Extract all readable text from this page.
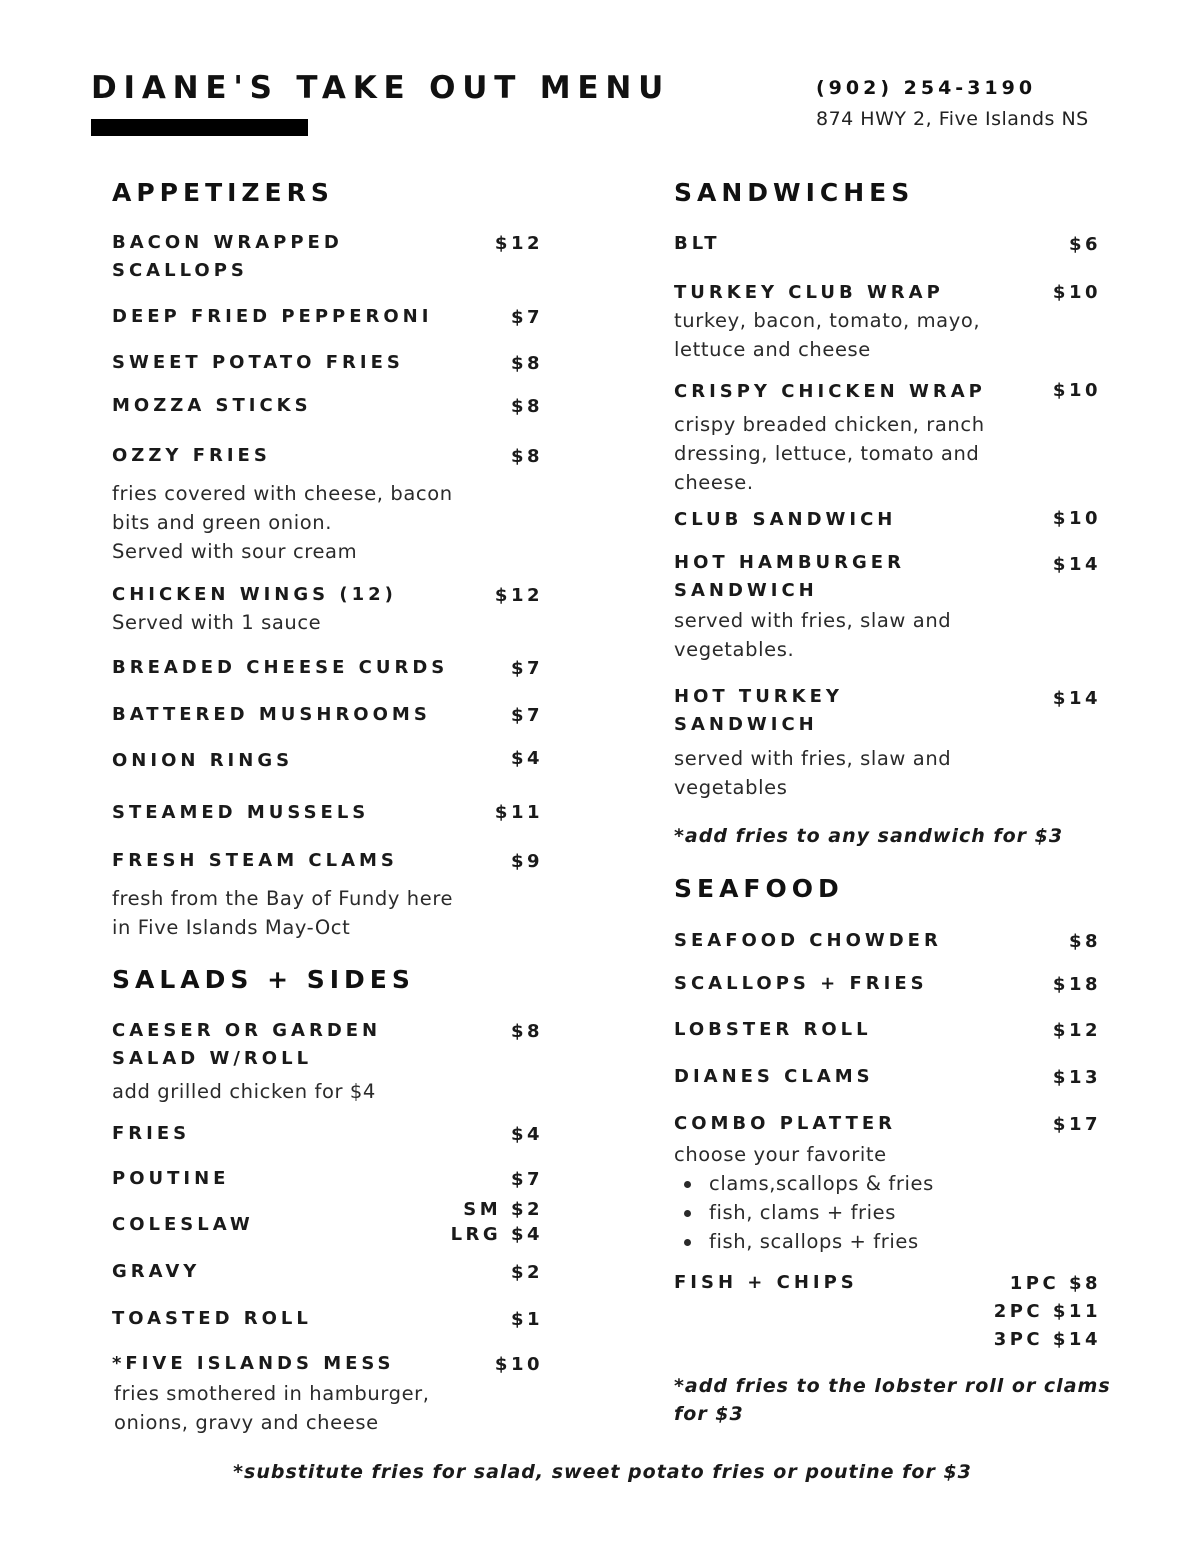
DIANE'S TAKE OUT MENU	(902) 254-3190
874 HWY 2, Five Islands NS
APPETIZERS
BACON WRAPPED SCALLOPS
$12
DEEP FRIED PEPPERONI	$7
SWEET POTATO FRIES	$8
MOZZA STICKS	$8
OZZY FRIES	$8
fries covered with cheese, bacon bits and green onion.
Served with sour cream
CHICKEN WINGS (12)	$12
Served with 1 sauce
BREADED CHEESE CURDS	$7
BATTERED MUSHROOMS	$7
ONION RINGS	$4
STEAMED MUSSELS	$11
FRESH STEAM CLAMS	$9
fresh from the Bay of Fundy here in Five Islands May-Oct
SALADS + SIDES
CAESER OR GARDEN SALAD W/ROLL
$8
add grilled chicken for $4
FRIES	$4
POUTINE	$7
COLESLAW
SM $2
LRG $4
GRAVY	$2
TOASTED ROLL	$1
*FIVE ISLANDS MESS	$10
fries smothered in hamburger, onions, gravy and cheese
SANDWICHES
BLT	$6
TURKEY CLUB WRAP	$10
turkey, bacon, tomato, mayo, lettuce and cheese
CRISPY CHICKEN WRAP	$10
crispy breaded chicken, ranch dressing, lettuce, tomato and cheese.
CLUB SANDWICH	$10
HOT HAMBURGER SANDWICH
$14
served with fries, slaw and vegetables.
HOT TURKEY SANDWICH
$14
served with fries, slaw and vegetables
*add fries to any sandwich for $3
SEAFOOD
SEAFOOD CHOWDER	$8
SCALLOPS + FRIES	$18
LOBSTER ROLL	$12
DIANES CLAMS	$13
COMBO PLATTER	$17
choose your favorite
clams,scallops & fries
fish, clams + fries
fish, scallops + fries
FISH + CHIPS	1PC $8
2PC $11
3PC $14
*add fries to the lobster roll or clams for $3
*substitute fries for salad, sweet potato fries or poutine for $3
